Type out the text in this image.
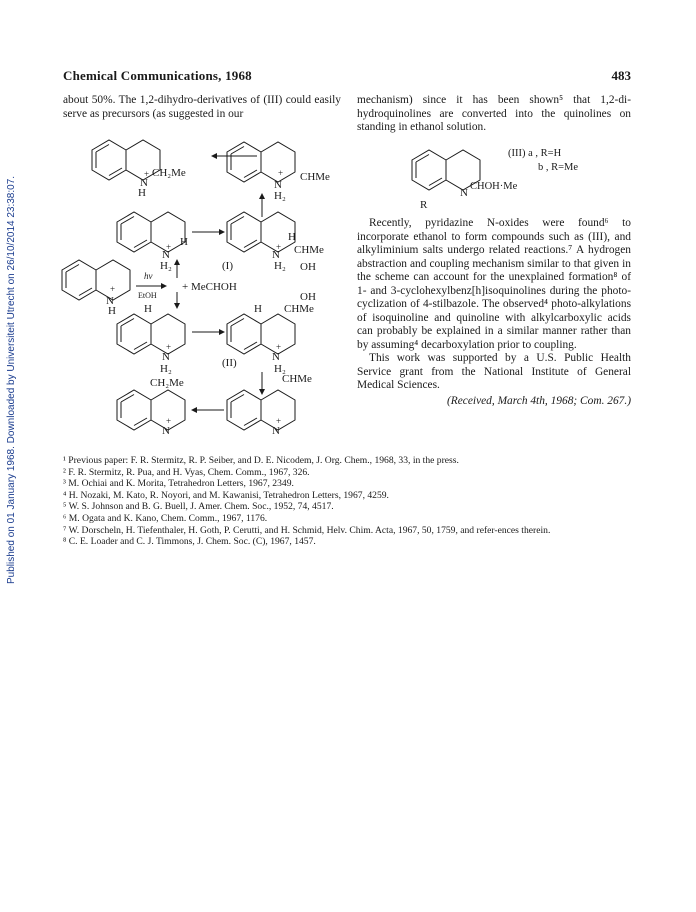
Published on 01 January 1968. Downloaded by Universiteit Utrecht on 26/10/2014 23:38:07.
Chemical Communications, 1968	483

about 50%. The 1,2-dihydro-derivatives of (III) could easily serve as precursors (as suggested in our

mechanism) since it has been shown⁵ that 1,2-di-hydroquinolines are converted into the quinolines on standing in ethanol solution.

+
N
CH₂Me
H
+
N
CHMe
H₂
+
N
H
H₂
+
N
H
CHMe
H₂ OH
(I)
+
N
H
hν
EtOH
+ MeCHOH
H
+
N
H₂
OH
H CHMe
+
N
H₂
(II)
CHMe
CH₂Me
+
N
+
N
N
CHOH·Me
R
(III) a , R=H
b , R=Me

Recently, pyridazine N-oxides were found⁶ to incorporate ethanol to form compounds such as (III), and alkyliminium salts undergo related reactions.⁷ A hydrogen abstraction and coupling mechanism similar to that given in the scheme can account for the unexplained formation⁸ of 1- and 3-cyclohexylbenz[h]isoquinolines during the photo-cyclization of 4-stilbazole. The observed⁴ photo-alkylations of isoquinoline and quinoline with alkylcarboxylic acids can probably be explained in a similar manner rather than by assuming⁴ decarboxylation prior to coupling.

This work was supported by a U.S. Public Health Service grant from the National Institute of General Medical Sciences.

(Received, March 4th, 1968; Com. 267.)

¹ Previous paper: F. R. Stermitz, R. P. Seiber, and D. E. Nicodem, J. Org. Chem., 1968, 33, in the press.

² F. R. Stermitz, R. Pua, and H. Vyas, Chem. Comm., 1967, 326.

³ M. Ochiai and K. Morita, Tetrahedron Letters, 1967, 2349.

⁴ H. Nozaki, M. Kato, R. Noyori, and M. Kawanisi, Tetrahedron Letters, 1967, 4259.

⁵ W. S. Johnson and B. G. Buell, J. Amer. Chem. Soc., 1952, 74, 4517.

⁶ M. Ogata and K. Kano, Chem. Comm., 1967, 1176.

⁷ W. Dorscheln, H. Tiefenthaler, H. Goth, P. Cerutti, and H. Schmid, Helv. Chim. Acta, 1967, 50, 1759, and refer-ences therein.

⁸ C. E. Loader and C. J. Timmons, J. Chem. Soc. (C), 1967, 1457.
